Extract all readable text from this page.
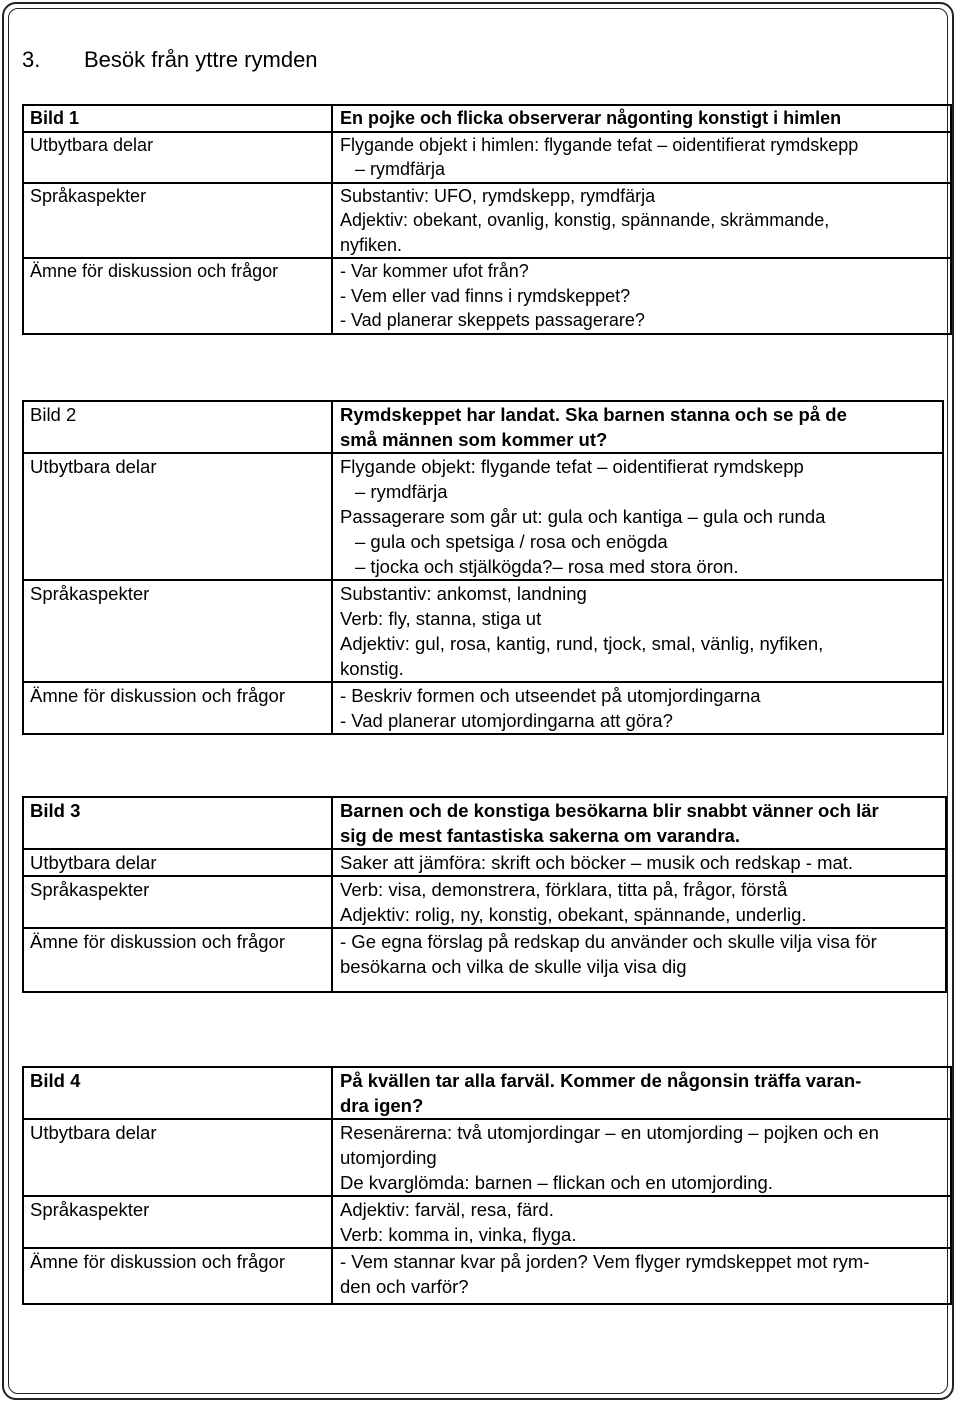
3. Besök från yttre rymden
Bild 1	En pojke och flicka observerar någonting konstigt i himlen

Utbytbara delar	Flygande objekt i himlen: flygande tefat – oidentifierat rymdskepp
– rymdfärja

Språkaspekter	Substantiv: UFO, rymdskepp, rymdfärja
Adjektiv: obekant, ovanlig, konstig, spännande, skrämmande,
nyfiken.

Ämne för diskussion och frågor	- Var kommer ufot från?
- Vem eller vad finns i rymdskeppet?
- Vad planerar skeppets passagerare?
Bild 2	Rymdskeppet har landat. Ska barnen stanna och se på de
små männen som kommer ut?

Utbytbara delar	Flygande objekt: flygande tefat – oidentifierat rymdskepp
– rymdfärja
Passagerare som går ut: gula och kantiga – gula och runda
– gula och spetsiga / rosa och enögda
– tjocka och stjälkögda?– rosa med stora öron.

Språkaspekter	Substantiv: ankomst, landning
Verb: fly, stanna, stiga ut
Adjektiv: gul, rosa, kantig, rund, tjock, smal, vänlig, nyfiken,
konstig.

Ämne för diskussion och frågor	- Beskriv formen och utseendet på utomjordingarna
- Vad planerar utomjordingarna att göra?
Bild 3	Barnen och de konstiga besökarna blir snabbt vänner och lär
sig de mest fantastiska sakerna om varandra.

Utbytbara delar	Saker att jämföra: skrift och böcker – musik och redskap - mat.

Språkaspekter	Verb: visa, demonstrera, förklara, titta på, frågor, förstå
Adjektiv: rolig, ny, konstig, obekant, spännande, underlig.

Ämne för diskussion och frågor	- Ge egna förslag på redskap du använder och skulle vilja visa för
besökarna och vilka de skulle vilja visa dig
Bild 4	På kvällen tar alla farväl. Kommer de någonsin träffa varan-
dra igen?

Utbytbara delar	Resenärerna: två utomjordingar – en utomjording – pojken och en
utomjording
De kvarglömda: barnen – flickan och en utomjording.

Språkaspekter	Adjektiv: farväl, resa, färd.
Verb: komma in, vinka, flyga.

Ämne för diskussion och frågor	- Vem stannar kvar på jorden? Vem flyger rymdskeppet mot rym-
den och varför?
